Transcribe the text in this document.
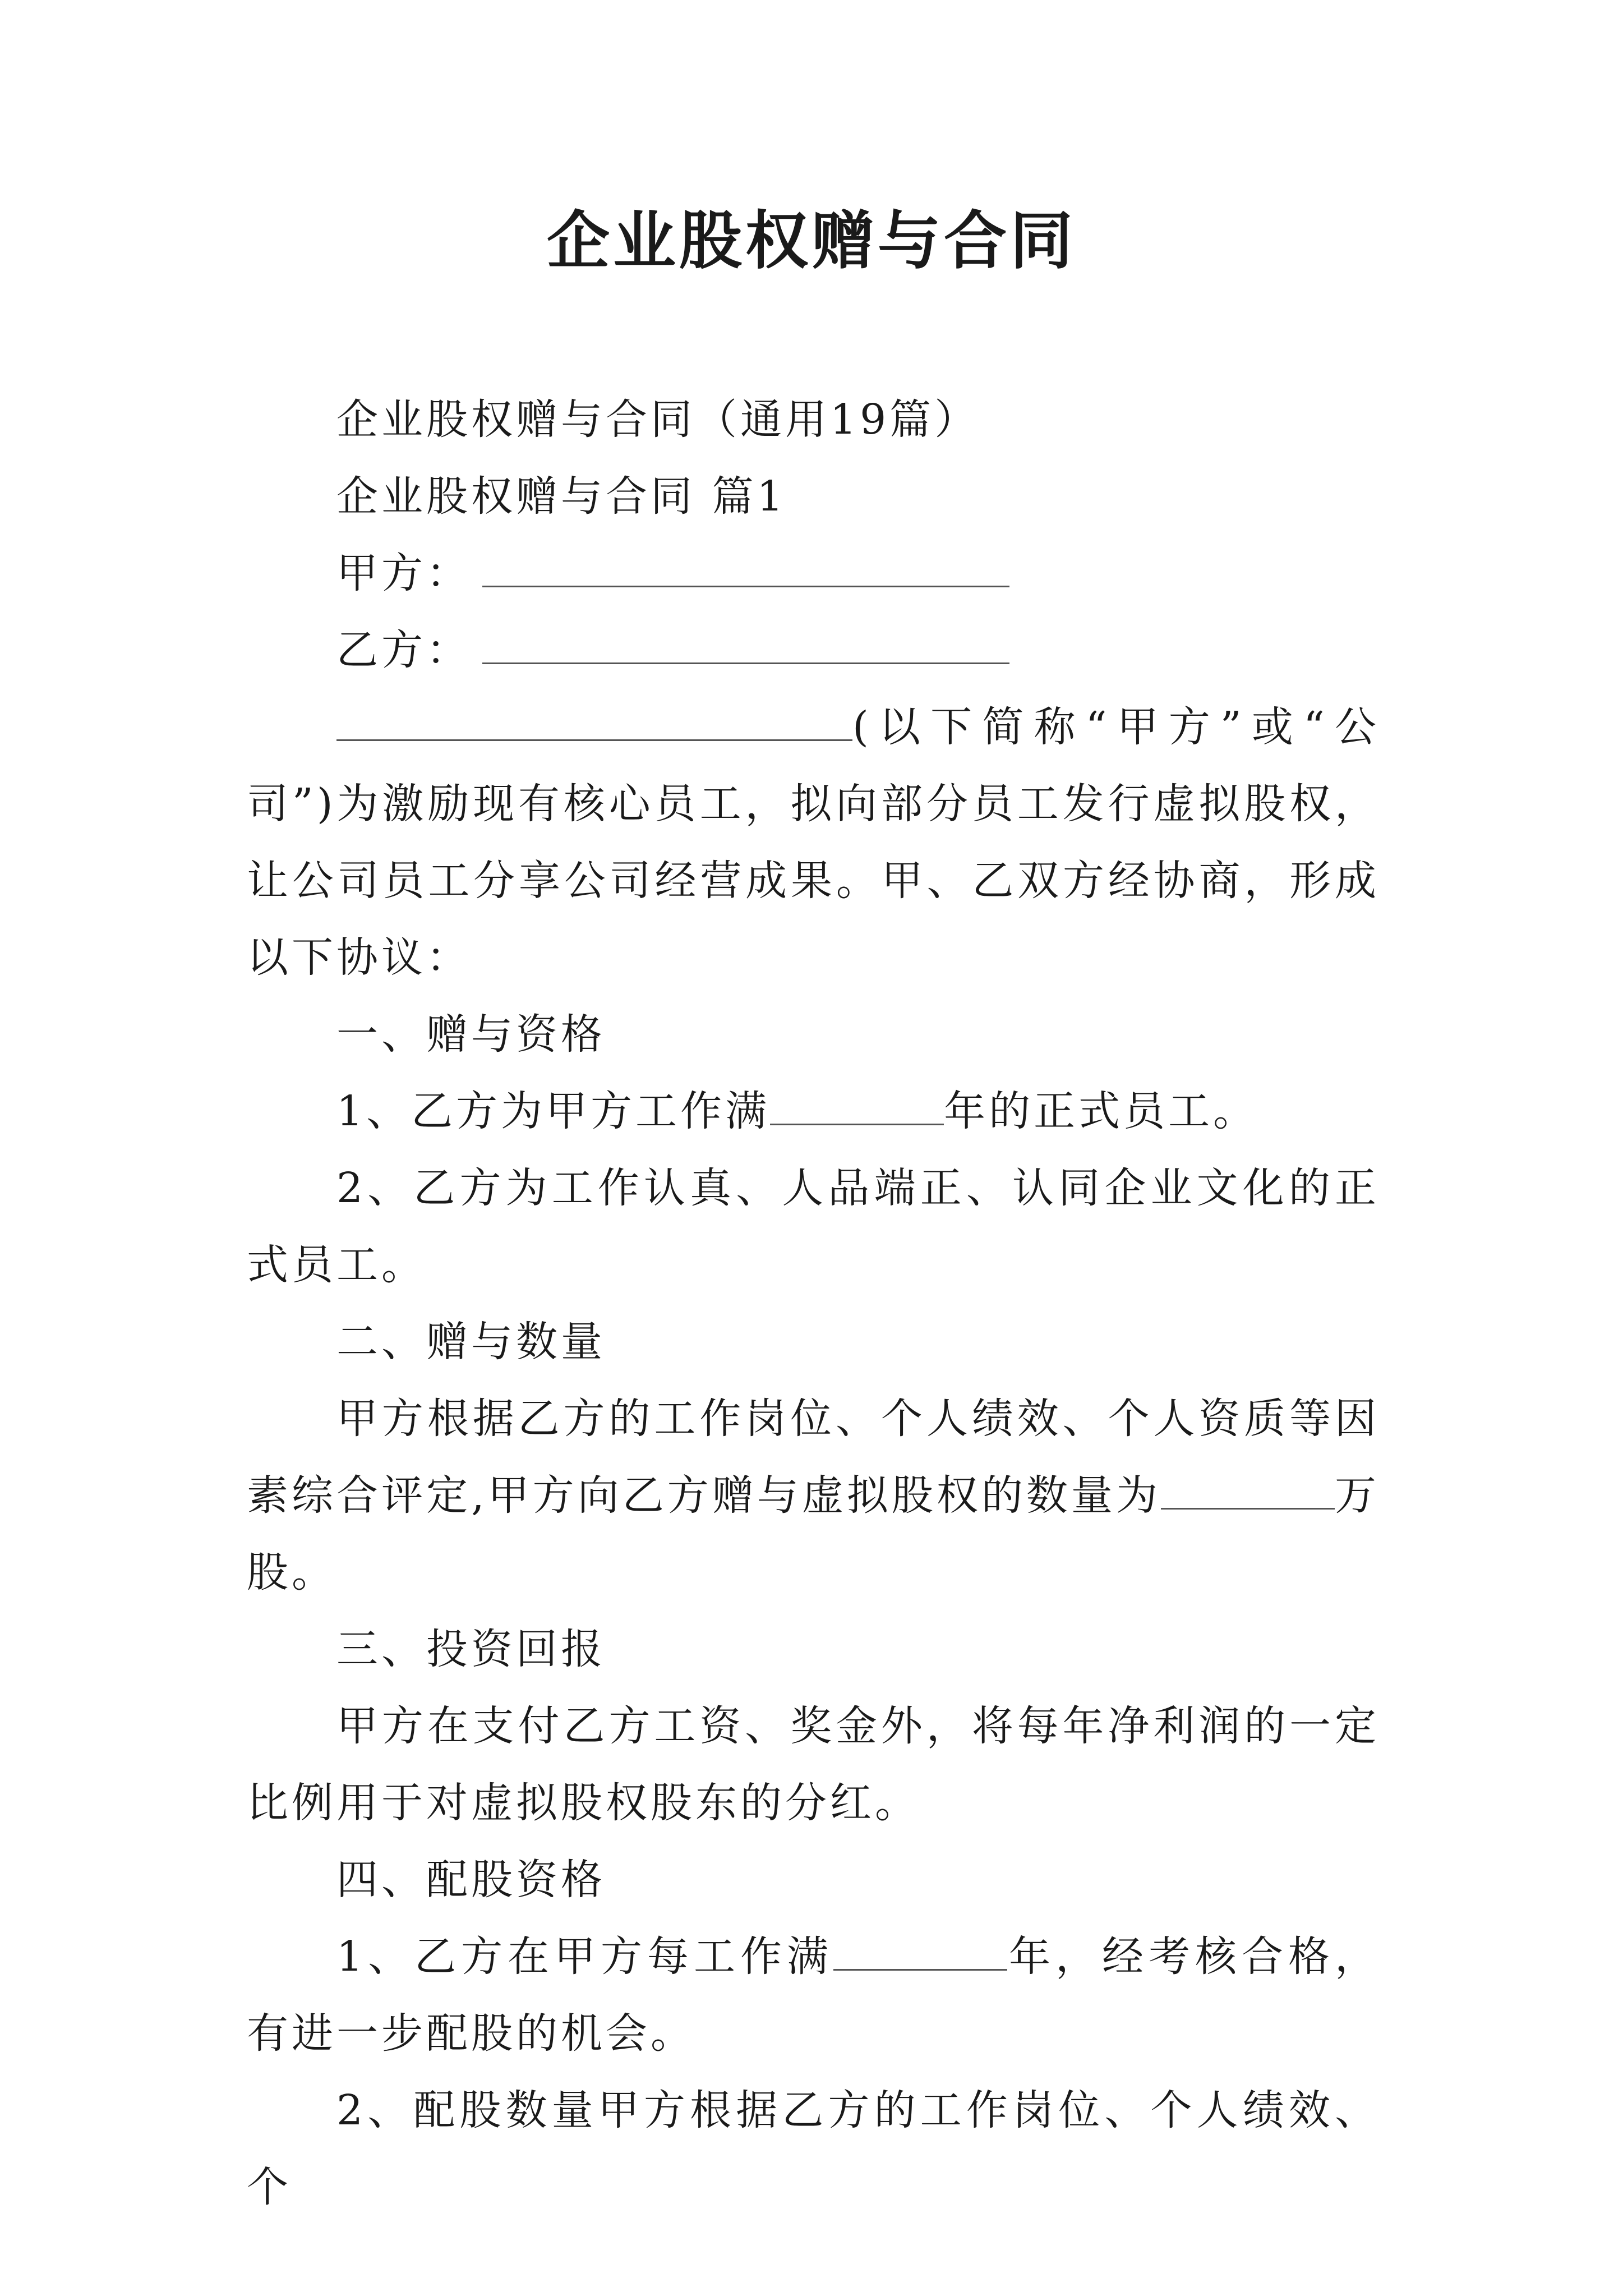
企业股权赠与合同

企业股权赠与合同（通用19篇）

企业股权赠与合同 篇1

甲方：

乙方：

(以下简称“甲方”或“公司”)为激励现有核心员工，拟向部分员工发行虚拟股权，让公司员工分享公司经营成果。甲、乙双方经协商，形成以下协议：

一、赠与资格

1、乙方为甲方工作满	年的正式员工。

2、乙方为工作认真、人品端正、认同企业文化的正式员工。

二、赠与数量

甲方根据乙方的工作岗位、个人绩效、个人资质等因素综合评定,甲方向乙方赠与虚拟股权的数量为	万股。

三、投资回报

甲方在支付乙方工资、奖金外，将每年净利润的一定比例用于对虚拟股权股东的分红。

四、配股资格

1、乙方在甲方每工作满	年，经考核合格，有进一步配股的机会。

2、配股数量甲方根据乙方的工作岗位、个人绩效、个
